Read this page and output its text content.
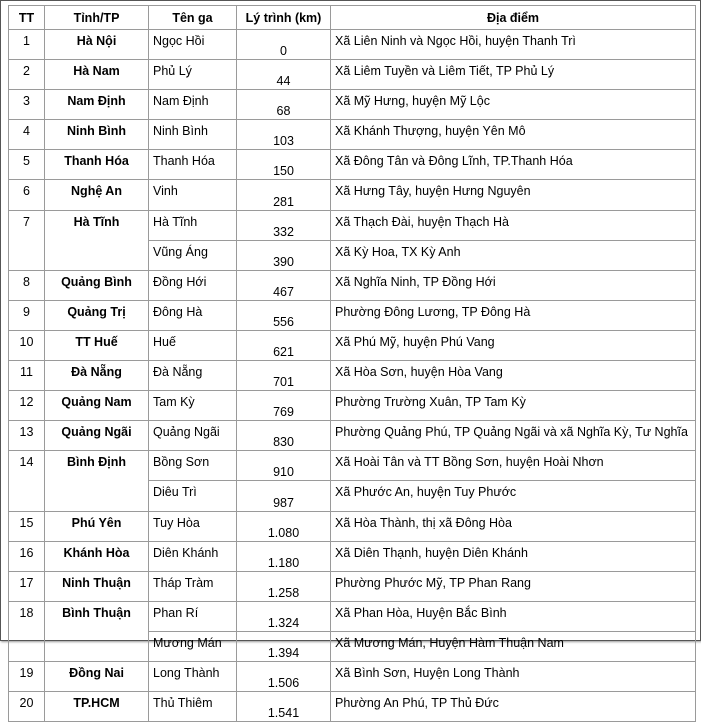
TT	Tỉnh/TP	Tên ga	Lý trình (km)	Địa điểm
1	Hà Nội	Ngọc Hồi	0	Xã Liên Ninh và Ngọc Hồi, huyện Thanh Trì
2	Hà Nam	Phủ Lý	44	Xã Liêm Tuyền và Liêm Tiết, TP Phủ Lý
3	Nam Định	Nam Định	68	Xã Mỹ Hưng, huyện Mỹ Lộc
4	Ninh Bình	Ninh Bình	103	Xã Khánh Thượng, huyện Yên Mô
5	Thanh Hóa	Thanh Hóa	150	Xã Đông Tân và Đông Lĩnh, TP.Thanh Hóa
6	Nghệ An	Vinh	281	Xã Hưng Tây, huyện Hưng Nguyên
7	Hà Tĩnh	Hà Tĩnh	332	Xã Thạch Đài, huyện Thạch Hà
		Vũng Áng	390	Xã Kỳ Hoa, TX Kỳ Anh
8	Quảng Bình	Đồng Hới	467	Xã Nghĩa Ninh, TP Đồng Hới
9	Quảng Trị	Đông Hà	556	Phường Đông Lương, TP Đông Hà
10	TT Huế	Huế	621	Xã Phú Mỹ, huyện Phú Vang
11	Đà Nẵng	Đà Nẵng	701	Xã Hòa Sơn, huyện Hòa Vang
12	Quảng Nam	Tam Kỳ	769	Phường Trường Xuân, TP Tam Kỳ
13	Quảng Ngãi	Quảng Ngãi	830	Phường Quảng Phú, TP Quảng Ngãi và xã Nghĩa Kỳ, Tư Nghĩa
14	Bình Định	Bồng Sơn	910	Xã Hoài Tân và TT Bồng Sơn, huyện Hoài Nhơn
		Diêu Trì	987	Xã Phước An, huyện Tuy Phước
15	Phú Yên	Tuy Hòa	1.080	Xã Hòa Thành, thị xã Đông Hòa
16	Khánh Hòa	Diên Khánh	1.180	Xã Diên Thạnh, huyện Diên Khánh
17	Ninh Thuận	Tháp Tràm	1.258	Phường Phước Mỹ, TP Phan Rang
18	Bình Thuận	Phan Rí	1.324	Xã Phan Hòa, Huyện Bắc Bình
		Mương Mán	1.394	Xã Mương Mán, Huyện Hàm Thuận Nam
19	Đồng Nai	Long Thành	1.506	Xã Bình Sơn, Huyện Long Thành
20	TP.HCM	Thủ Thiêm	1.541	Phường An Phú, TP Thủ Đức
